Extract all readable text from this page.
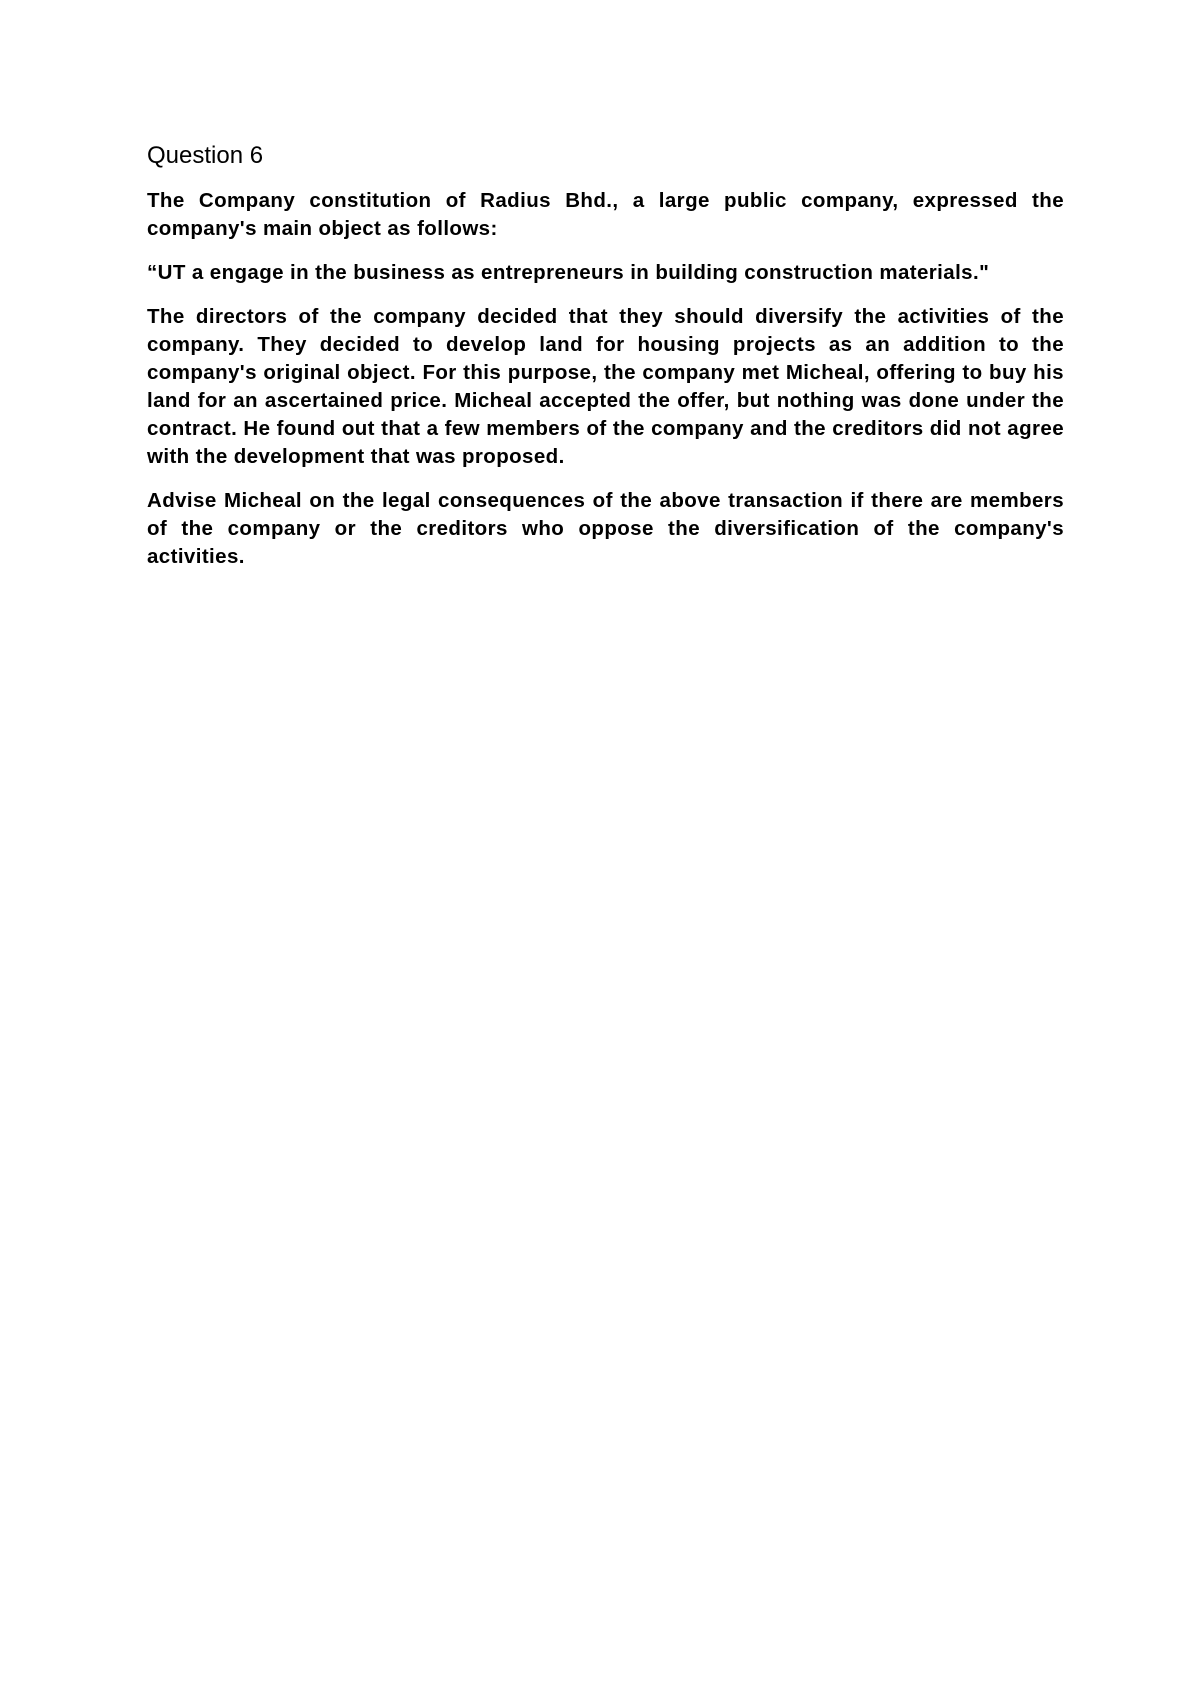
Question 6

The Company constitution of Radius Bhd., a large public company, expressed the company's main object as follows:

“UT a engage in the business as entrepreneurs in building construction materials."

The directors of the company decided that they should diversify the activities of the company. They decided to develop land for housing projects as an addition to the company's original object. For this purpose, the company met Micheal, offering to buy his land for an ascertained price. Micheal accepted the offer, but nothing was done under the contract. He found out that a few members of the company and the creditors did not agree with the development that was proposed.

Advise Micheal on the legal consequences of the above transaction if there are members of the company or the creditors who oppose the diversification of the company's activities.
